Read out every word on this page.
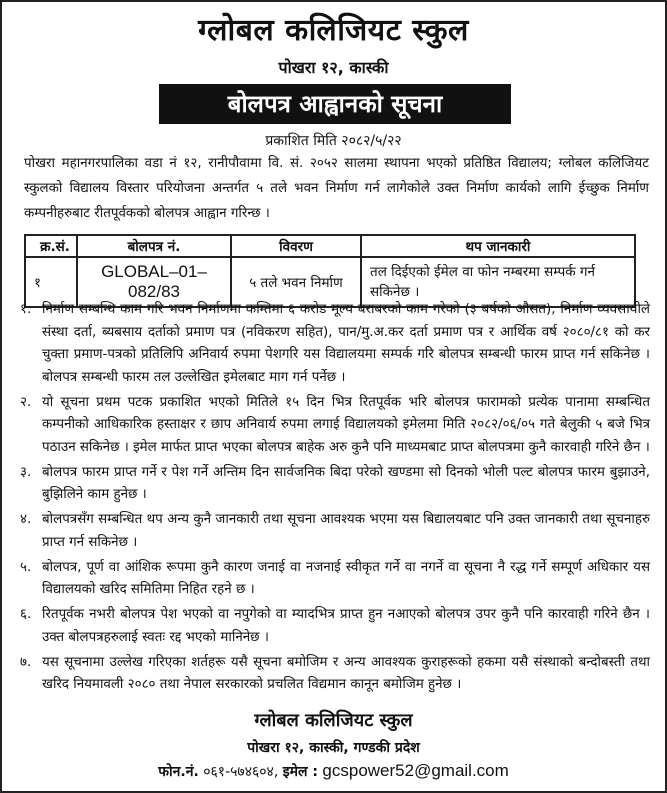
ग्लोबल कलिजियट स्कुल
पोखरा १२, कास्की
बोलपत्र आह्वानको सूचना
प्रकाशित मिति २०८२/५/२२

पोखरा महानगरपालिका वडा नं १२, रानीपौवामा वि. सं. २०५२ सालमा स्थापना भएको प्रतिष्ठित विद्यालय; ग्लोबल कलिजियट स्कुलको विद्यालय विस्तार परियोजना अन्तर्गत ५ तले भवन निर्माण गर्न लागेकोले उक्त निर्माण कार्यको लागि ईच्छुक निर्माण कम्पनीहरुबाट रीतपूर्वकको बोलपत्र आह्वान गरिन्छ ।

क्र.सं.	बोलपत्र नं.	विवरण	थप जानकारी
१	GLOBAL–01–082/83	५ तले भवन निर्माण	तल दिईएको ईमेल वा फोन नम्बरमा सम्पर्क गर्न सकिनेछ ।
१. निर्माण सम्बन्धि काम गरि भवन निर्माणमा कम्तिमा ६ करोड मूल्य बराबरको काम गरेको (३ बर्षको औसत), निर्माण व्यवसायीले संस्था दर्ता, ब्यबसाय दर्ताको प्रमाण पत्र (नविकरण सहित), पान/मु.अ.कर दर्ता प्रमाण पत्र र आर्थिक वर्ष २०८०/८१ को कर चुक्ता प्रमाण-पत्रको प्रतिलिपि अनिवार्य रुपमा पेशगरि यस विद्यालयमा सम्पर्क गरि बोलपत्र सम्बन्धी फारम प्राप्त गर्न सकिनेछ । बोलपत्र सम्बन्धी फारम तल उल्लेखित इमेलबाट माग गर्न पर्नेछ ।
२. यो सूचना प्रथम पटक प्रकाशित भएको मितिले १५ दिन भित्र रितपूर्वक भरि बोलपत्र फारामको प्रत्येक पानामा सम्बन्धित कम्पनीको आधिकारिक हस्ताक्षर र छाप अनिवार्य रुपमा लगाई विद्यालयको इमेलमा मिति २०८२/०६/०५ गते बेलुकी ५ बजे भित्र पठाउन सकिनेछ । इमेल मार्फत प्राप्त भएका बोलपत्र बाहेक अरु कुनै पनि माध्यमबाट प्राप्त बोलपत्रमा कुनै कारवाही गरिने छैन ।
३. बोलपत्र फारम प्राप्त गर्ने र पेश गर्ने अन्तिम दिन सार्वजनिक बिदा परेको खण्डमा सो दिनको भोली पल्ट बोलपत्र फारम बुझाउने, बुझिलिने काम हुनेछ ।
४. बोलपत्रसँग सम्बन्धित थप अन्य कुनै जानकारी तथा सूचना आवश्यक भएमा यस बिद्यालयबाट पनि उक्त जानकारी तथा सूचनाहरु प्राप्त गर्न सकिनेछ ।
५. बोलपत्र, पूर्ण वा आंशिक रूपमा कुनै कारण जनाई वा नजनाई स्वीकृत गर्ने वा नगर्ने वा सूचना नै रद्ध गर्ने सम्पूर्ण अधिकार यस विद्यालयको खरिद समितिमा निहित रहने छ ।
६. रितपूर्वक नभरी बोलपत्र पेश भएको वा नपुगेको वा म्यादभित्र प्राप्त हुन नआएको बोलपत्र उपर कुनै पनि कारवाही गरिने छैन । उक्त बोलपत्रहरुलाई स्वतः रद्द भएको मानिनेछ ।
७. यस सूचनामा उल्लेख गरिएका शर्तहरू यसै सूचना बमोजिम र अन्य आवश्यक कुराहरूको हकमा यसै संस्थाको बन्दोबस्ती तथा खरिद नियमावली २०८० तथा नेपाल सरकारको प्रचलित विद्यमान कानून बमोजिम हुनेछ ।
ग्लोबल कलिजियट स्कुल
पोखरा १२, कास्की, गण्डकी प्रदेश
फोन.नं. ०६१-५७४६०४, इमेल : gcspower52@gmail.com
